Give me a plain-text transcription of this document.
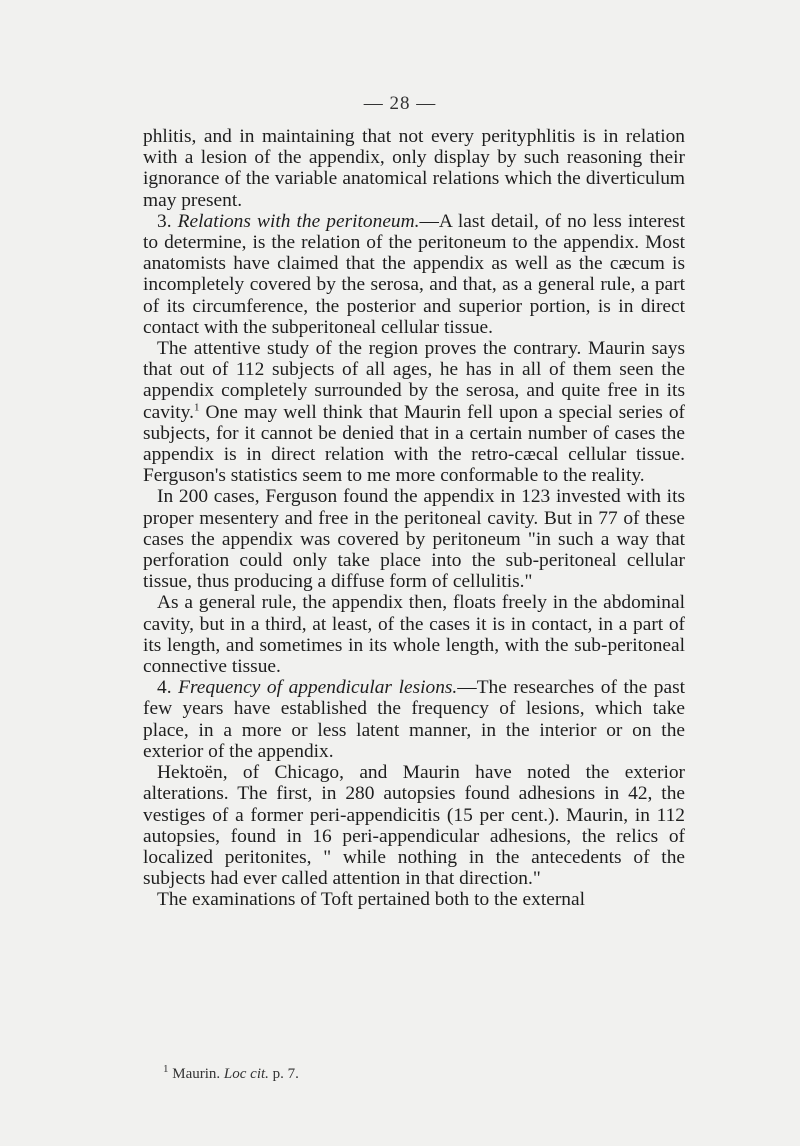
— 28 —

phlitis, and in maintaining that not every perityphlitis is in relation with a lesion of the appendix, only display by such reasoning their ignorance of the variable anatomical relations which the diverticulum may present.

3. Relations with the peritoneum.—A last detail, of no less interest to determine, is the relation of the peritoneum to the appendix. Most anatomists have claimed that the appendix as well as the cæcum is incompletely covered by the serosa, and that, as a general rule, a part of its circumference, the posterior and superior portion, is in direct contact with the subperitoneal cellular tissue.

The attentive study of the region proves the contrary. Maurin says that out of 112 subjects of all ages, he has in all of them seen the appendix completely surrounded by the serosa, and quite free in its cavity.$^1$ One may well think that Maurin fell upon a special series of subjects, for it cannot be denied that in a certain number of cases the appendix is in direct relation with the retro-cæcal cellular tissue. Ferguson's statistics seem to me more conformable to the reality.

In 200 cases, Ferguson found the appendix in 123 invested with its proper mesentery and free in the peritoneal cavity. But in 77 of these cases the appendix was covered by peritoneum "in such a way that perforation could only take place into the sub-peritoneal cellular tissue, thus producing a diffuse form of cellulitis."

As a general rule, the appendix then, floats freely in the abdominal cavity, but in a third, at least, of the cases it is in contact, in a part of its length, and sometimes in its whole length, with the sub-peritoneal connective tissue.

4. Frequency of appendicular lesions.—The researches of the past few years have established the frequency of lesions, which take place, in a more or less latent manner, in the interior or on the exterior of the appendix.

Hektoën, of Chicago, and Maurin have noted the exterior alterations. The first, in 280 autopsies found adhesions in 42, the vestiges of a former peri-appendicitis (15 per cent.). Maurin, in 112 autopsies, found in 16 peri-appendicular adhesions, the relics of localized peritonites, " while nothing in the antecedents of the subjects had ever called attention in that direction."

The examinations of Toft pertained both to the external

$^1$ Maurin. Loc cit. p. 7.
